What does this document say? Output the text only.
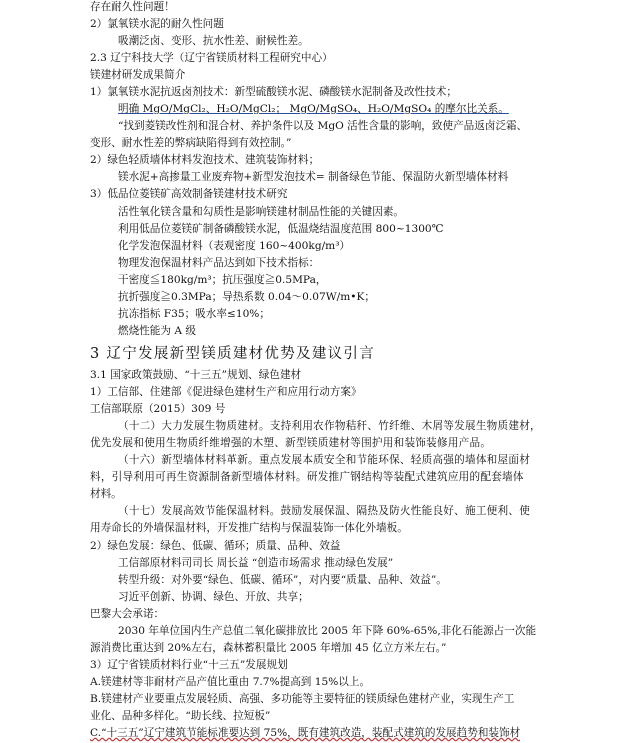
存在耐久性问题！
2）氯氧镁水泥的耐久性问题
吸潮泛卤、变形、抗水性差、耐候性差。
2.3 辽宁科技大学（辽宁省镁质材料工程研究中心）
镁建材研发成果简介
1）氯氧镁水泥抗返卤剂技术：新型硫酸镁水泥、磷酸镁水泥制备及改性技术；
明确 MgO/MgCl₂、H₂O/MgCl₂； MgO/MgSO₄、H₂O/MgSO₄ 的摩尔比关系。
“找到菱镁改性剂和混合材、养护条件以及 MgO 活性含量的影响，致使产品返卤泛霜、
变形、耐水性差的弊病缺陷得到有效控制。”
2）绿色轻质墙体材料发泡技术、建筑装饰材料；
镁水泥+高掺量工业废弃物+新型发泡技术= 制备绿色节能、保温防火新型墙体材料
3）低品位菱镁矿高效制备镁建材技术研究
活性氧化镁含量和勾质性是影响镁建材制品性能的关键因素。
利用低品位菱镁矿制备磷酸镁水泥，低温烧结温度范围 800~1300℃
化学发泡保温材料（表观密度 160~400kg/m³）
物理发泡保温材料产品达到如下技术指标：
干密度≦180kg/m³；抗压强度≧0.5MPa，
抗折强度≧0.3MPa；导热系数 0.04～0.07W/m•K；
抗冻指标 F35；吸水率≤10%；
燃烧性能为 A 级
3 辽宁发展新型镁质建材优势及建议引言
3.1 国家政策鼓励、“十三五”规划、绿色建材
1）工信部、住建部《促进绿色建材生产和应用行动方案》
工信部联原（2015）309 号
（十二）大力发展生物质建材。支持利用农作物秸秆、竹纤维、木屑等发展生物质建材，
优先发展和使用生物质纤维增强的木塑、新型镁质建材等围护用和装饰装修用产品。
（十六）新型墙体材料革新。重点发展本质安全和节能环保、轻质高强的墙体和屋面材
料，引导利用可再生资源制备新型墙体材料。研发推广钢结构等装配式建筑应用的配套墙体
材料。
（十七）发展高效节能保温材料。鼓励发展保温、隔热及防火性能良好、施工便利、使
用寿命长的外墙保温材料，开发推广结构与保温装饰一体化外墙板。
2）绿色发展：绿色、低碳、循环；质量、品种、效益
工信部原材料司司长 周长益 “创造市场需求 推动绿色发展”
转型升级：对外要“绿色、低碳、循环”，对内要“质量、品种、效益”。
习近平创新、协调、绿色、开放、共享；
巴黎大会承诺：
2030 年单位国内生产总值二氧化碳排放比 2005 年下降 60%-65%,非化石能源占一次能
源消费比重达到 20%左右，森林蓄积量比 2005 年增加 45 亿立方米左右。”
3）辽宁省镁质材料行业“十三五”发展规划
A.镁建材等非耐材产品产值比重由 7.7%提高到 15%以上。
B.镁建材产业要重点发展轻质、高强、多功能等主要特征的镁质绿色建材产业，实现生产工
业化、品种多样化。“助长线、拉短板”
C.“十三五”辽宁建筑节能标准要达到 75%，既有建筑改造，装配式建筑的发展趋势和装饰材
